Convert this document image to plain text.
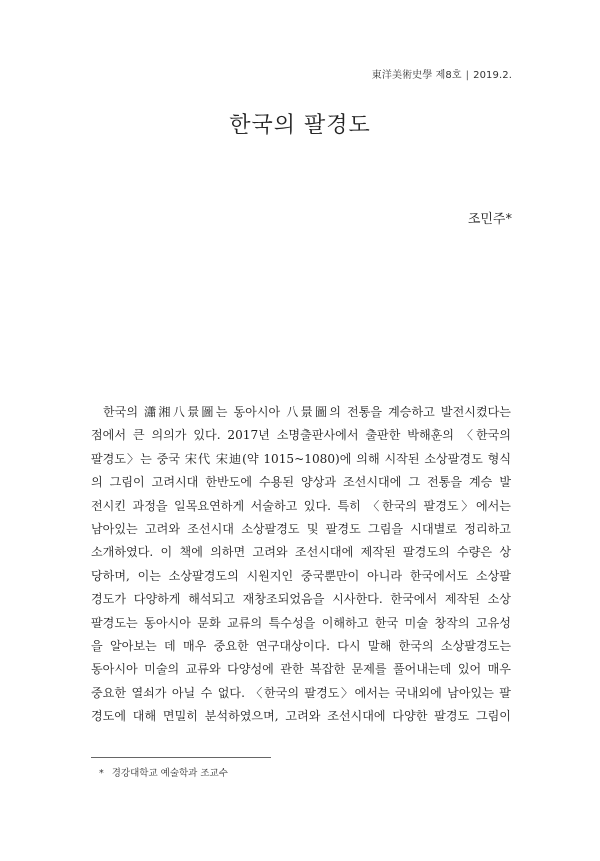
東洋美術史學 제8호 | 2019.2.
한국의 팔경도
조민주*
한국의 瀟湘八景圖는 동아시아 八景圖의 전통을 계승하고 발전시켰다는
점에서 큰 의의가 있다. 2017년 소명출판사에서 출판한 박해훈의 〈한국의
팔경도〉는 중국 宋代 宋迪(약 1015~1080)에 의해 시작된 소상팔경도 형식
의 그림이 고려시대 한반도에 수용된 양상과 조선시대에 그 전통을 계승 발
전시킨 과정을 일목요연하게 서술하고 있다. 특히 〈한국의 팔경도〉에서는
남아있는 고려와 조선시대 소상팔경도 및 팔경도 그림을 시대별로 정리하고
소개하였다. 이 책에 의하면 고려와 조선시대에 제작된 팔경도의 수량은 상
당하며, 이는 소상팔경도의 시원지인 중국뿐만이 아니라 한국에서도 소상팔
경도가 다양하게 해석되고 재창조되었음을 시사한다. 한국에서 제작된 소상
팔경도는 동아시아 문화 교류의 특수성을 이해하고 한국 미술 창작의 고유성
을 알아보는 데 매우 중요한 연구대상이다. 다시 말해 한국의 소상팔경도는
동아시아 미술의 교류와 다양성에 관한 복잡한 문제를 풀어내는데 있어 매우
중요한 열쇠가 아닐 수 없다. 〈한국의 팔경도〉에서는 국내외에 남아있는 팔
경도에 대해 면밀히 분석하였으며, 고려와 조선시대에 다양한 팔경도 그림이
* 경강대학교 예술학과 조교수
